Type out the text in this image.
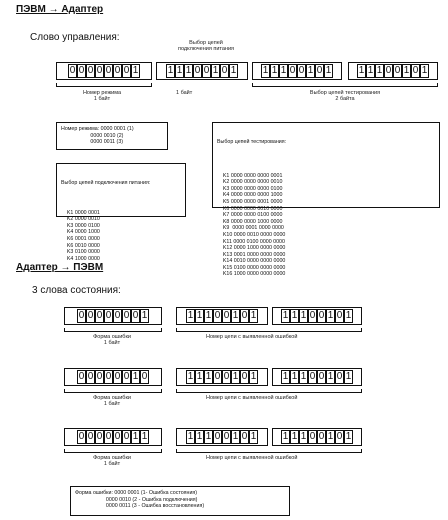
ПЭВМ → Адаптер
Слово управления:	Выбор цепей
подключения питания
0 0 0 0 0 0 0 1	1 1 1 0 0 1 0 1	1 1 1 0 0 1 0 1	1 1 1 0 0 1 0 1
Номер режима
1 байт
1 байт	Выбор цепей тестирования
2 байта
Номер режима: 0000 0001 (1)
0000 0010 (2)
0000 0011 (3)

Выбор цепей подключения питания:

K1 0000 0001
K2 0000 0010
K3 0000 0100
K4 0000 1000
K6 0001 0000
K6 0010 0000
K3 0100 0000
K4 1000 0000

Выбор цепей тестирования:

K1 0000 0000 0000 0001
K2 0000 0000 0000 0010
K3 0000 0000 0000 0100
K4 0000 0000 0000 1000
K5 0000 0000 0001 0000
K6 0000 0000 0010 0000
K7 0000 0000 0100 0000
K8 0000 0000 1000 0000
K9  0000 0001 0000 0000
K10 0000 0010 0000 0000
K11 0000 0100 0000 0000
K12 0000 1000 0000 0000
K13 0001 0000 0000 0000
K14 0010 0000 0000 0000
K15 0100 0000 0000 0000
K16 1000 0000 0000 0000

Адаптер → ПЭВМ
3 слова состояния:
0 0 0 0 0 0 0 1	1 1 1 0 0 1 0 1	1 1 1 0 0 1 0 1
Форма ошибки
1 байт
Номер цепи с выявленной ошибкой
0 0 0 0 0 0 1 0	1 1 1 0 0 1 0 1	1 1 1 0 0 1 0 1
Форма ошибки
1 байт
Номер цепи с выявленной ошибкой
0 0 0 0 0 0 1 1	1 1 1 0 0 1 0 1	1 1 1 0 0 1 0 1
Форма ошибки
1 байт
Номер цепи с выявленной ошибкой
Форма ошибки: 0000 0001 (1- Ошибка состояния)
0000 0010 (2 - Ошибка подключения)
0000 0011 (3 - Ошибка восстановления)
